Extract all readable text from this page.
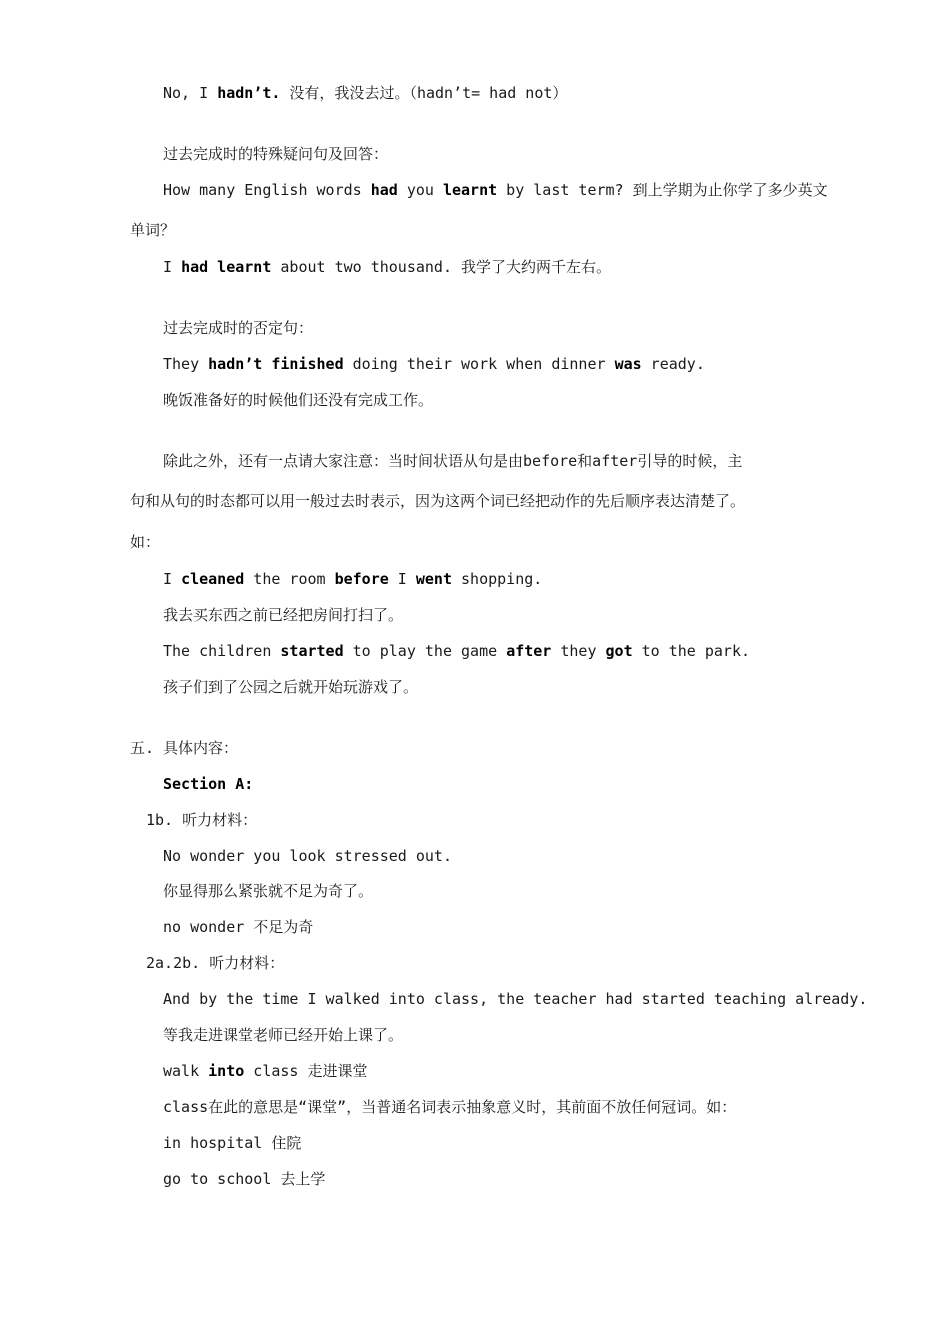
No, I hadn’t. 没有，我没去过。（hadn’t= had not）
过去完成时的特殊疑问句及回答：
How many English words had you learnt by last term? 到上学期为止你学了多少英文
单词？
I had learnt about two thousand. 我学了大约两千左右。
过去完成时的否定句：
They hadn’t finished doing their work when dinner was ready.
晚饭准备好的时候他们还没有完成工作。
除此之外，还有一点请大家注意：当时间状语从句是由before和after引导的时候，主
句和从句的时态都可以用一般过去时表示，因为这两个词已经把动作的先后顺序表达清楚了。
如：
I cleaned the room before I went shopping.
我去买东西之前已经把房间打扫了。
The children started to play the game after they got to the park.
孩子们到了公园之后就开始玩游戏了。
五. 具体内容：
Section A:
1b. 听力材料：
No wonder you look stressed out.
你显得那么紧张就不足为奇了。
no wonder 不足为奇
2a.2b. 听力材料：
And by the time I walked into class, the teacher had started teaching already.
等我走进课堂老师已经开始上课了。
walk into class 走进课堂
class在此的意思是“课堂”，当普通名词表示抽象意义时，其前面不放任何冠词。如：
in hospital 住院
go to school 去上学
